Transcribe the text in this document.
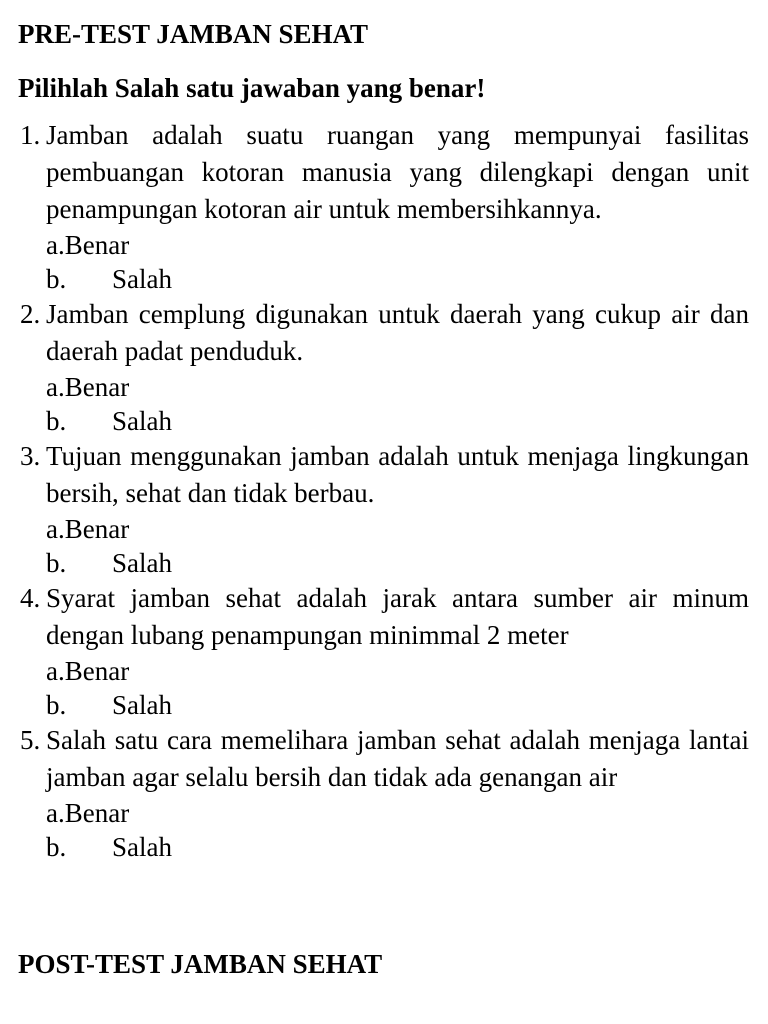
PRE-TEST JAMBAN SEHAT
Pilihlah Salah satu jawaban yang benar!
1. Jamban adalah suatu ruangan yang mempunyai fasilitas pembuangan kotoran manusia yang dilengkapi dengan unit penampungan kotoran air untuk membersihkannya.
a.Benar
b. Salah
2. Jamban cemplung digunakan untuk daerah yang cukup air dan daerah padat penduduk.
a.Benar
b. Salah
3. Tujuan menggunakan jamban adalah untuk menjaga lingkungan bersih, sehat dan tidak berbau.
a.Benar
b. Salah
4. Syarat jamban sehat adalah jarak antara sumber air minum dengan lubang penampungan minimmal 2 meter
a.Benar
b. Salah
5. Salah satu cara memelihara jamban sehat adalah menjaga lantai jamban agar selalu bersih dan tidak ada genangan air
a.Benar
b. Salah
POST-TEST JAMBAN SEHAT
